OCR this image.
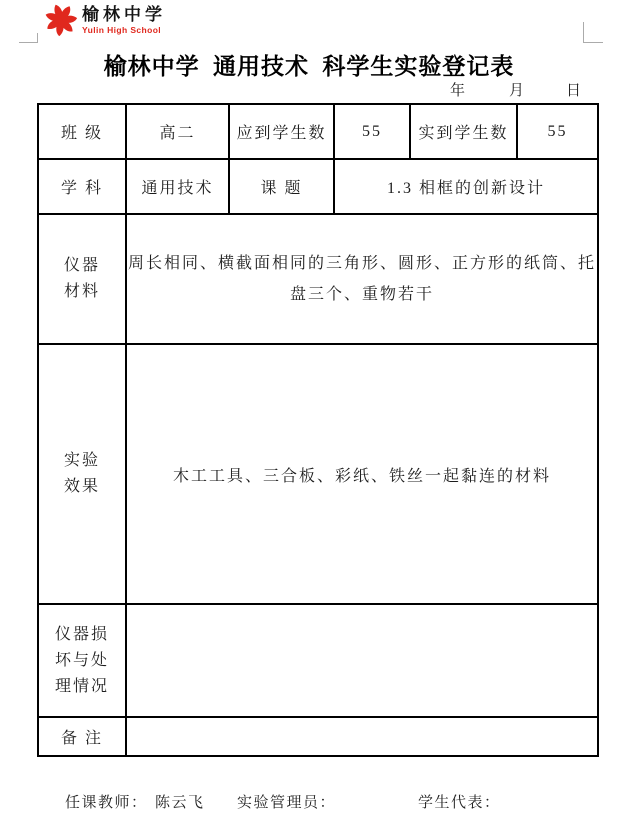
榆林中学
Yulin High School
榆林中学 通用技术 科学生实验登记表
年	月	日
班 级	高二	应到学生数	55	实到学生数	55
学 科	通用技术	课 题	1.3 相框的创新设计		
仪器材料	周长相同、横截面相同的三角形、圆形、正方形的纸筒、托盘三个、重物若干				
实验效果	木工工具、三合板、彩纸、铁丝一起黏连的材料				
仪器损坏与处理情况					
备 注					
任课教师： 陈云飞 实验管理员：	学生代表：
